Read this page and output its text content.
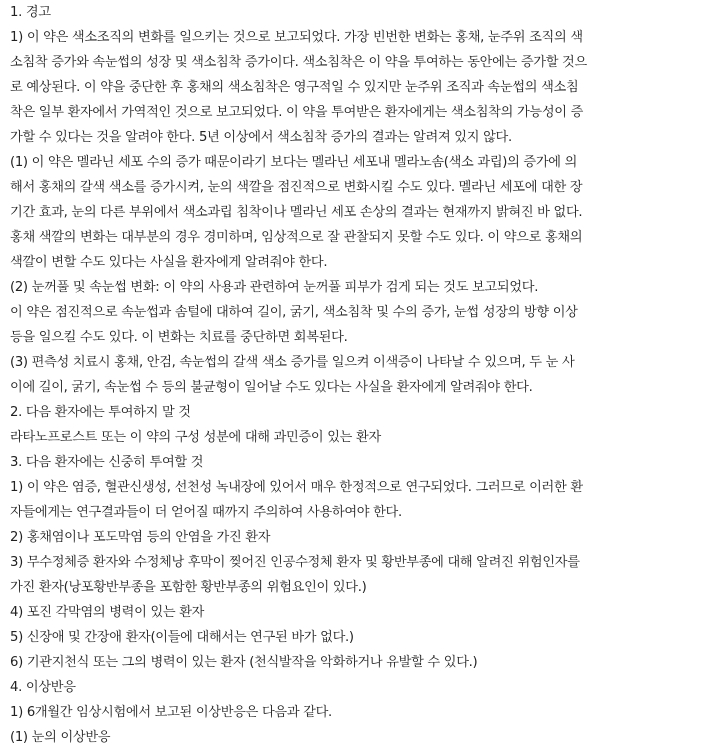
1. 경고
1) 이 약은 색소조직의 변화를 일으키는 것으로 보고되었다. 가장 빈번한 변화는 홍채, 눈주위 조직의 색
소침착 증가와 속눈썹의 성장 및 색소침착 증가이다. 색소침착은 이 약을 투여하는 동안에는 증가할 것으
로 예상된다. 이 약을 중단한 후 홍채의 색소침착은 영구적일 수 있지만 눈주위 조직과 속눈썹의 색소침
착은 일부 환자에서 가역적인 것으로 보고되었다. 이 약을 투여받은 환자에게는 색소침착의 가능성이 증
가할 수 있다는 것을 알려야 한다. 5년 이상에서 색소침착 증가의 결과는 알려져 있지 않다.
(1) 이 약은 멜라닌 세포 수의 증가 때문이라기 보다는 멜라닌 세포내 멜라노솜(색소 과립)의 증가에 의
해서 홍채의 갈색 색소를 증가시켜, 눈의 색깔을 점진적으로 변화시킬 수도 있다. 멜라닌 세포에 대한 장
기간 효과, 눈의 다른 부위에서 색소과립 침착이나 멜라닌 세포 손상의 결과는 현재까지 밝혀진 바 없다.
홍채 색깔의 변화는 대부분의 경우 경미하며, 임상적으로 잘 관찰되지 못할 수도 있다. 이 약으로 홍채의
색깔이 변할 수도 있다는 사실을 환자에게 알려줘야 한다.
(2) 눈꺼풀 및 속눈썹 변화: 이 약의 사용과 관련하여 눈꺼풀 피부가 검게 되는 것도 보고되었다.
이 약은 점진적으로 속눈썹과 솜털에 대하여 길이, 굵기, 색소침착 및 수의 증가, 눈썹 성장의 방향 이상
등을 일으킬 수도 있다. 이 변화는 치료를 중단하면 회복된다.
(3) 편측성 치료시 홍채, 안검, 속눈썹의 갈색 색소 증가를 일으켜 이색증이 나타날 수 있으며, 두 눈 사
이에 길이, 굵기, 속눈썹 수 등의 불균형이 일어날 수도 있다는 사실을 환자에게 알려줘야 한다.
2. 다음 환자에는 투여하지 말 것
라타노프로스트 또는 이 약의 구성 성분에 대해 과민증이 있는 환자
3. 다음 환자에는 신중히 투여할 것
1) 이 약은 염증, 혈관신생성, 선천성 녹내장에 있어서 매우 한정적으로 연구되었다. 그러므로 이러한 환
자들에게는 연구결과들이 더 얻어질 때까지 주의하여 사용하여야 한다.
2) 홍채염이나 포도막염 등의 안염을 가진 환자
3) 무수정체증 환자와 수정체낭 후막이 찢어진 인공수정체 환자 및 황반부종에 대해 알려진 위험인자를
가진 환자(낭포황반부종을 포함한 황반부종의 위험요인이 있다.)
4) 포진 각막염의 병력이 있는 환자
5) 신장애 및 간장애 환자(이들에 대해서는 연구된 바가 없다.)
6) 기관지천식 또는 그의 병력이 있는 환자 (천식발작을 악화하거나 유발할 수 있다.)
4. 이상반응
1) 6개월간 임상시험에서 보고된 이상반응은 다음과 같다.
(1) 눈의 이상반응
